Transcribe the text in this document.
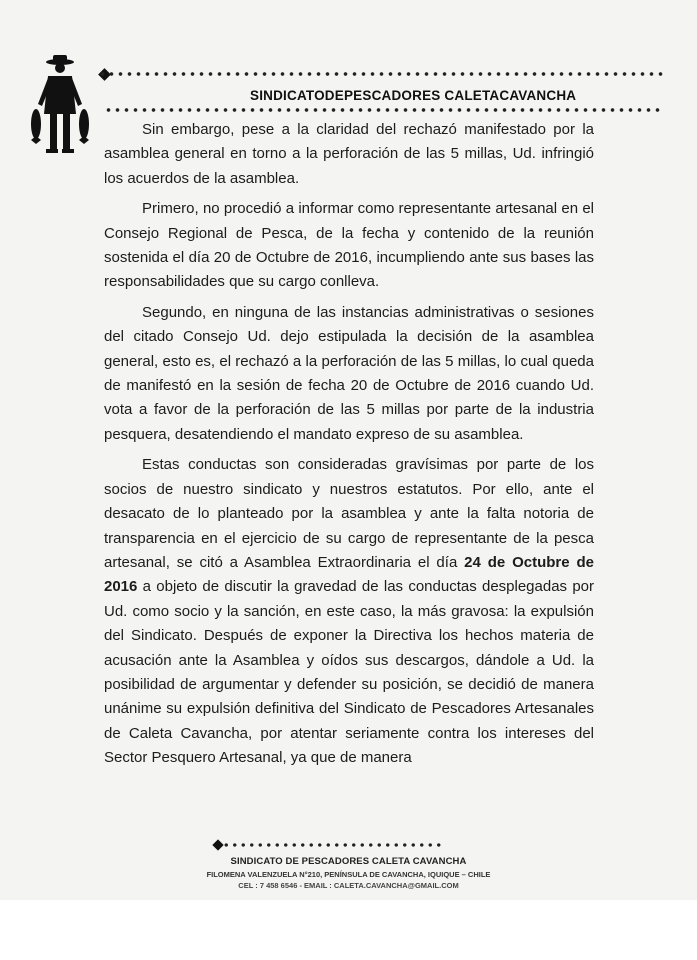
SINDICATODEPESCADORES CALETACAVANCHA

Sin embargo, pese a la claridad del rechazó manifestado por la asamblea general en torno a la perforación de las 5 millas, Ud. infringió los acuerdos de la asamblea.

Primero, no procedió a informar como representante artesanal en el Consejo Regional de Pesca, de la fecha y contenido de la reunión sostenida el día 20 de Octubre de 2016, incumpliendo ante sus bases las responsabilidades que su cargo conlleva.

Segundo, en ninguna de las instancias administrativas o sesiones del citado Consejo Ud. dejo estipulada la decisión de la asamblea general, esto es, el rechazó a la perforación de las 5 millas, lo cual queda de manifestó en la sesión de fecha 20 de Octubre de 2016 cuando Ud. vota a favor de la perforación de las 5 millas por parte de la industria pesquera, desatendiendo el mandato expreso de su asamblea.

Estas conductas son consideradas gravísimas por parte de los socios de nuestro sindicato y nuestros estatutos. Por ello, ante el desacato de lo planteado por la asamblea y ante la falta notoria de transparencia en el ejercicio de su cargo de representante de la pesca artesanal, se citó a Asamblea Extraordinaria el día 24 de Octubre de 2016 a objeto de discutir la gravedad de las conductas desplegadas por Ud. como socio y la sanción, en este caso, la más gravosa: la expulsión del Sindicato. Después de exponer la Directiva los hechos materia de acusación ante la Asamblea y oídos sus descargos, dándole a Ud. la posibilidad de argumentar y defender su posición, se decidió de manera unánime su expulsión definitiva del Sindicato de Pescadores Artesanales de Caleta Cavancha, por atentar seriamente contra los intereses del Sector Pesquero Artesanal, ya que de manera

SINDICATO DE PESCADORES CALETA CAVANCHA
FILOMENA VALENZUELA N°210, PENÍNSULA DE CAVANCHA, IQUIQUE – CHILE
CEL : 7 458 6546 - EMAIL : CALETA.CAVANCHA@GMAIL.COM
